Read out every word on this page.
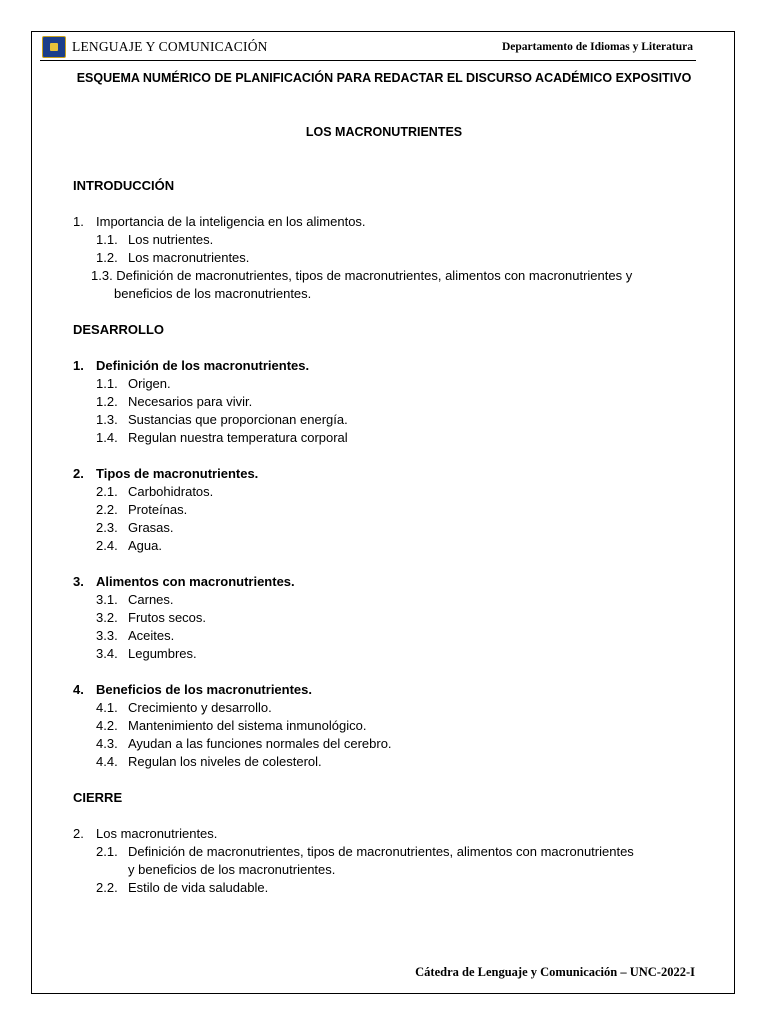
LENGUAJE Y COMUNICACIÓN	Departamento de Idiomas y Literatura
ESQUEMA NUMÉRICO DE PLANIFICACIÓN PARA REDACTAR EL DISCURSO ACADÉMICO EXPOSITIVO
LOS MACRONUTRIENTES
INTRODUCCIÓN
1. Importancia de la inteligencia en los alimentos.
1.1. Los nutrientes.
1.2. Los macronutrientes.
1.3. Definición de macronutrientes, tipos de macronutrientes, alimentos con macronutrientes y
beneficios de los macronutrientes.
DESARROLLO
1. Definición de los macronutrientes.
1.1. Origen.
1.2. Necesarios para vivir.
1.3. Sustancias que proporcionan energía.
1.4. Regulan nuestra temperatura corporal
2. Tipos de macronutrientes.
2.1. Carbohidratos.
2.2. Proteínas.
2.3. Grasas.
2.4. Agua.
3. Alimentos con macronutrientes.
3.1. Carnes.
3.2. Frutos secos.
3.3. Aceites.
3.4. Legumbres.
4. Beneficios de los macronutrientes.
4.1. Crecimiento y desarrollo.
4.2. Mantenimiento del sistema inmunológico.
4.3. Ayudan a las funciones normales del cerebro.
4.4. Regulan los niveles de colesterol.
CIERRE
2. Los macronutrientes.
2.1. Definición de macronutrientes, tipos de macronutrientes, alimentos con macronutrientes
y beneficios de los macronutrientes.
2.2. Estilo de vida saludable.
Cátedra de Lenguaje y Comunicación – UNC-2022-I
